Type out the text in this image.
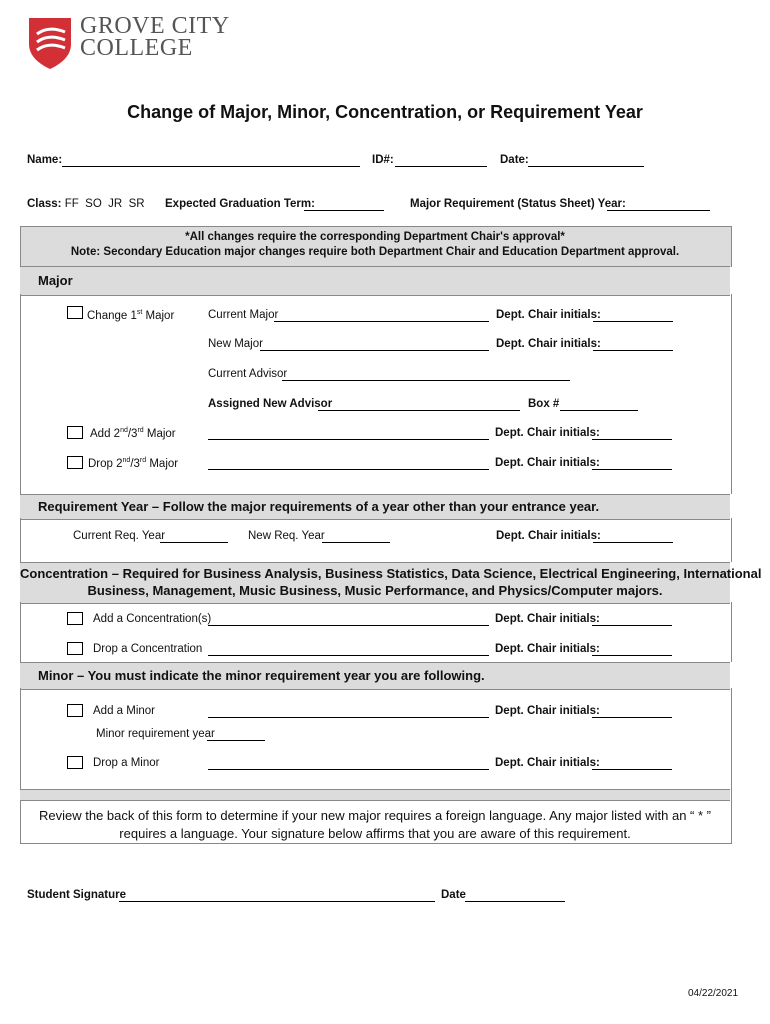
GROVE CITY
COLLEGE
Change of Major, Minor, Concentration, or Requirement Year
Name:	ID#:	Date:
Class: FF  SO  JR  SR Expected Graduation Term:	Major Requirement (Status Sheet) Year:
*All changes require the corresponding Department Chair's approval*
Note: Secondary Education major changes require both Department Chair and Education Department approval.
Major
Change 1st Major	Current Major	Dept. Chair initials:
New Major	Dept. Chair initials:
Current Advisor
Assigned New Advisor	Box #
Add 2nd/3rd Major	Dept. Chair initials:
Drop 2nd/3rd Major	Dept. Chair initials:
Requirement Year – Follow the major requirements of a year other than your entrance year.
Current Req. Year	New Req. Year	Dept. Chair initials:
Concentration – Required for Business Analysis, Business Statistics, Data Science, Electrical Engineering, International
Business, Management, Music Business, Music Performance, and Physics/Computer majors.
Add a Concentration(s)	Dept. Chair initials:
Drop a Concentration	Dept. Chair initials:
Minor – You must indicate the minor requirement year you are following.
Add a Minor	Dept. Chair initials:
Minor requirement year
Drop a Minor	Dept. Chair initials:
Review the back of this form to determine if your new major requires a foreign language. Any major listed with an “ * ”
requires a language. Your signature below affirms that you are aware of this requirement.
Student Signature	Date
04/22/2021
